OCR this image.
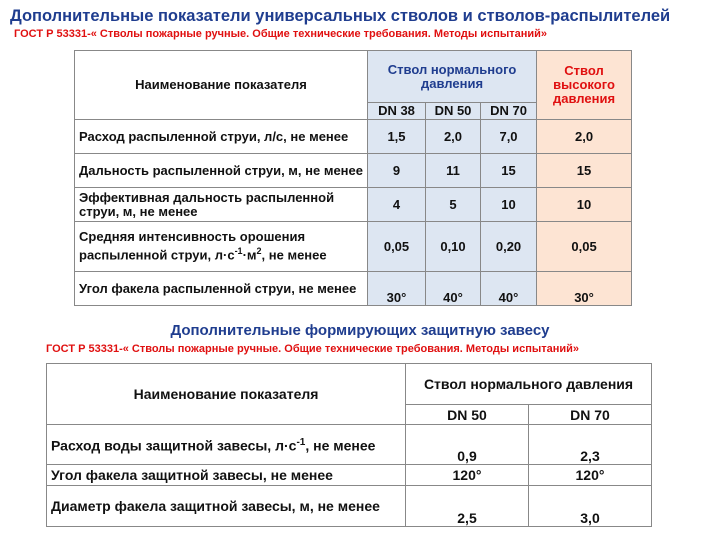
Дополнительные показатели универсальных стволов и стволов-распылителей
ГОСТ Р 53331-« Стволы пожарные ручные. Общие технические требования. Методы испытаний»
Наименование показателя	Ствол нормального давления			Ствол высокого давления
	DN 38	DN 50	DN 70	
Расход распыленной струи, л/с, не менее	1,5	2,0	7,0	2,0
Дальность распыленной струи, м, не менее	9	11	15	15
Эффективная дальность распыленной струи, м, не менее	4	5	10	10
Средняя интенсивность орошения распыленной струи, $л\cdot с^{-1}\cdot м^2$, не менее	0,05	0,10	0,20	0,05
Угол факела распыленной струи, не менее	30°	40°	40°	30°
Дополнительные формирующих защитную завесу
ГОСТ Р 53331-« Стволы пожарные ручные. Общие технические требования. Методы испытаний»
Наименование показателя	Ствол нормального давления	
	DN 50	DN 70
Расход воды защитной завесы, $л\cdot с^{-1}$, не менее	0,9	2,3
Угол факела защитной завесы, не менее	120°	120°
Диаметр факела защитной завесы, м, не менее	2,5	3,0
